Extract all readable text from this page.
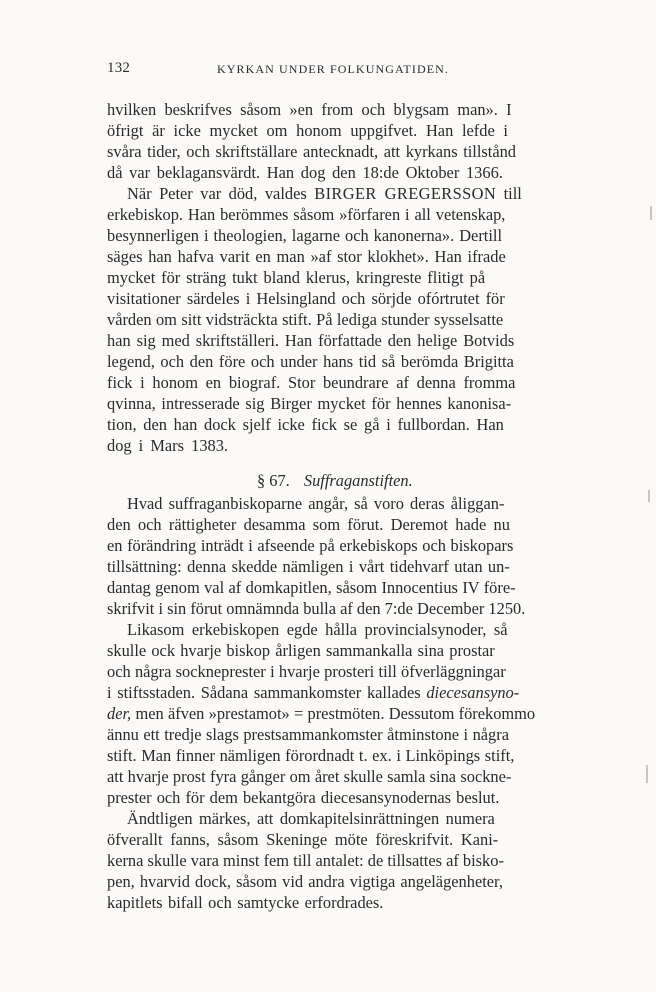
132	KYRKAN UNDER FOLKUNGATIDEN.
hvilken beskrifves såsom »en from och blygsam man». I
öfrigt är icke mycket om honom uppgifvet. Han lefde i
svåra tider, och skriftställare antecknadt, att kyrkans tillstånd
då var beklagansvärdt. Han dog den 18:de Oktober 1366.
När Peter var död, valdes BIRGER GREGERSSON till
erkebiskop. Han berömmes såsom »förfaren i all vetenskap,
besynnerligen i theologien, lagarne och kanonerna». Dertill
säges han hafva varit en man »af stor klokhet». Han ifrade
mycket för sträng tukt bland klerus, kringreste flitigt på
visitationer särdeles i Helsingland och sörjde ofórtrutet för
vården om sitt vidsträckta stift. På lediga stunder sysselsatte
han sig med skriftställeri. Han författade den helige Botvids
legend, och den före och under hans tid så berömda Brigitta
fick i honom en biograf. Stor beundrare af denna fromma
qvinna, intresserade sig Birger mycket för hennes kanonisa-
tion, den han dock sjelf icke fick se gå i fullbordan. Han
dog i Mars 1383.
§ 67. Suffraganstiften.
Hvad suffraganbiskoparne angår, så voro deras åliggan-
den och rättigheter desamma som förut. Deremot hade nu
en förändring inträdt i afseende på erkebiskops och biskopars
tillsättning: denna skedde nämligen i vårt tidehvarf utan un-
dantag genom val af domkapitlen, såsom Innocentius IV före-
skrifvit i sin förut omnämnda bulla af den 7:de December 1250.
Likasom erkebiskopen egde hålla provincialsynoder, så
skulle ock hvarje biskop årligen sammankalla sina prostar
och några sockneprester i hvarje prosteri till öfverläggningar
i stiftsstaden. Sådana sammankomster kallades diecesansyno-
der, men äfven »prestamot» = prestmöten. Dessutom förekommo
ännu ett tredje slags prestsammankomster åtminstone i några
stift. Man finner nämligen förordnadt t. ex. i Linköpings stift,
att hvarje prost fyra gånger om året skulle samla sina sockne-
prester och för dem bekantgöra diecesansynodernas beslut.
Ändtligen märkes, att domkapitelsinrättningen numera
öfverallt fanns, såsom Skeninge möte föreskrifvit. Kani-
kerna skulle vara minst fem till antalet: de tillsattes af bisko-
pen, hvarvid dock, såsom vid andra vigtiga angelägenheter,
kapitlets bifall och samtycke erfordrades.
